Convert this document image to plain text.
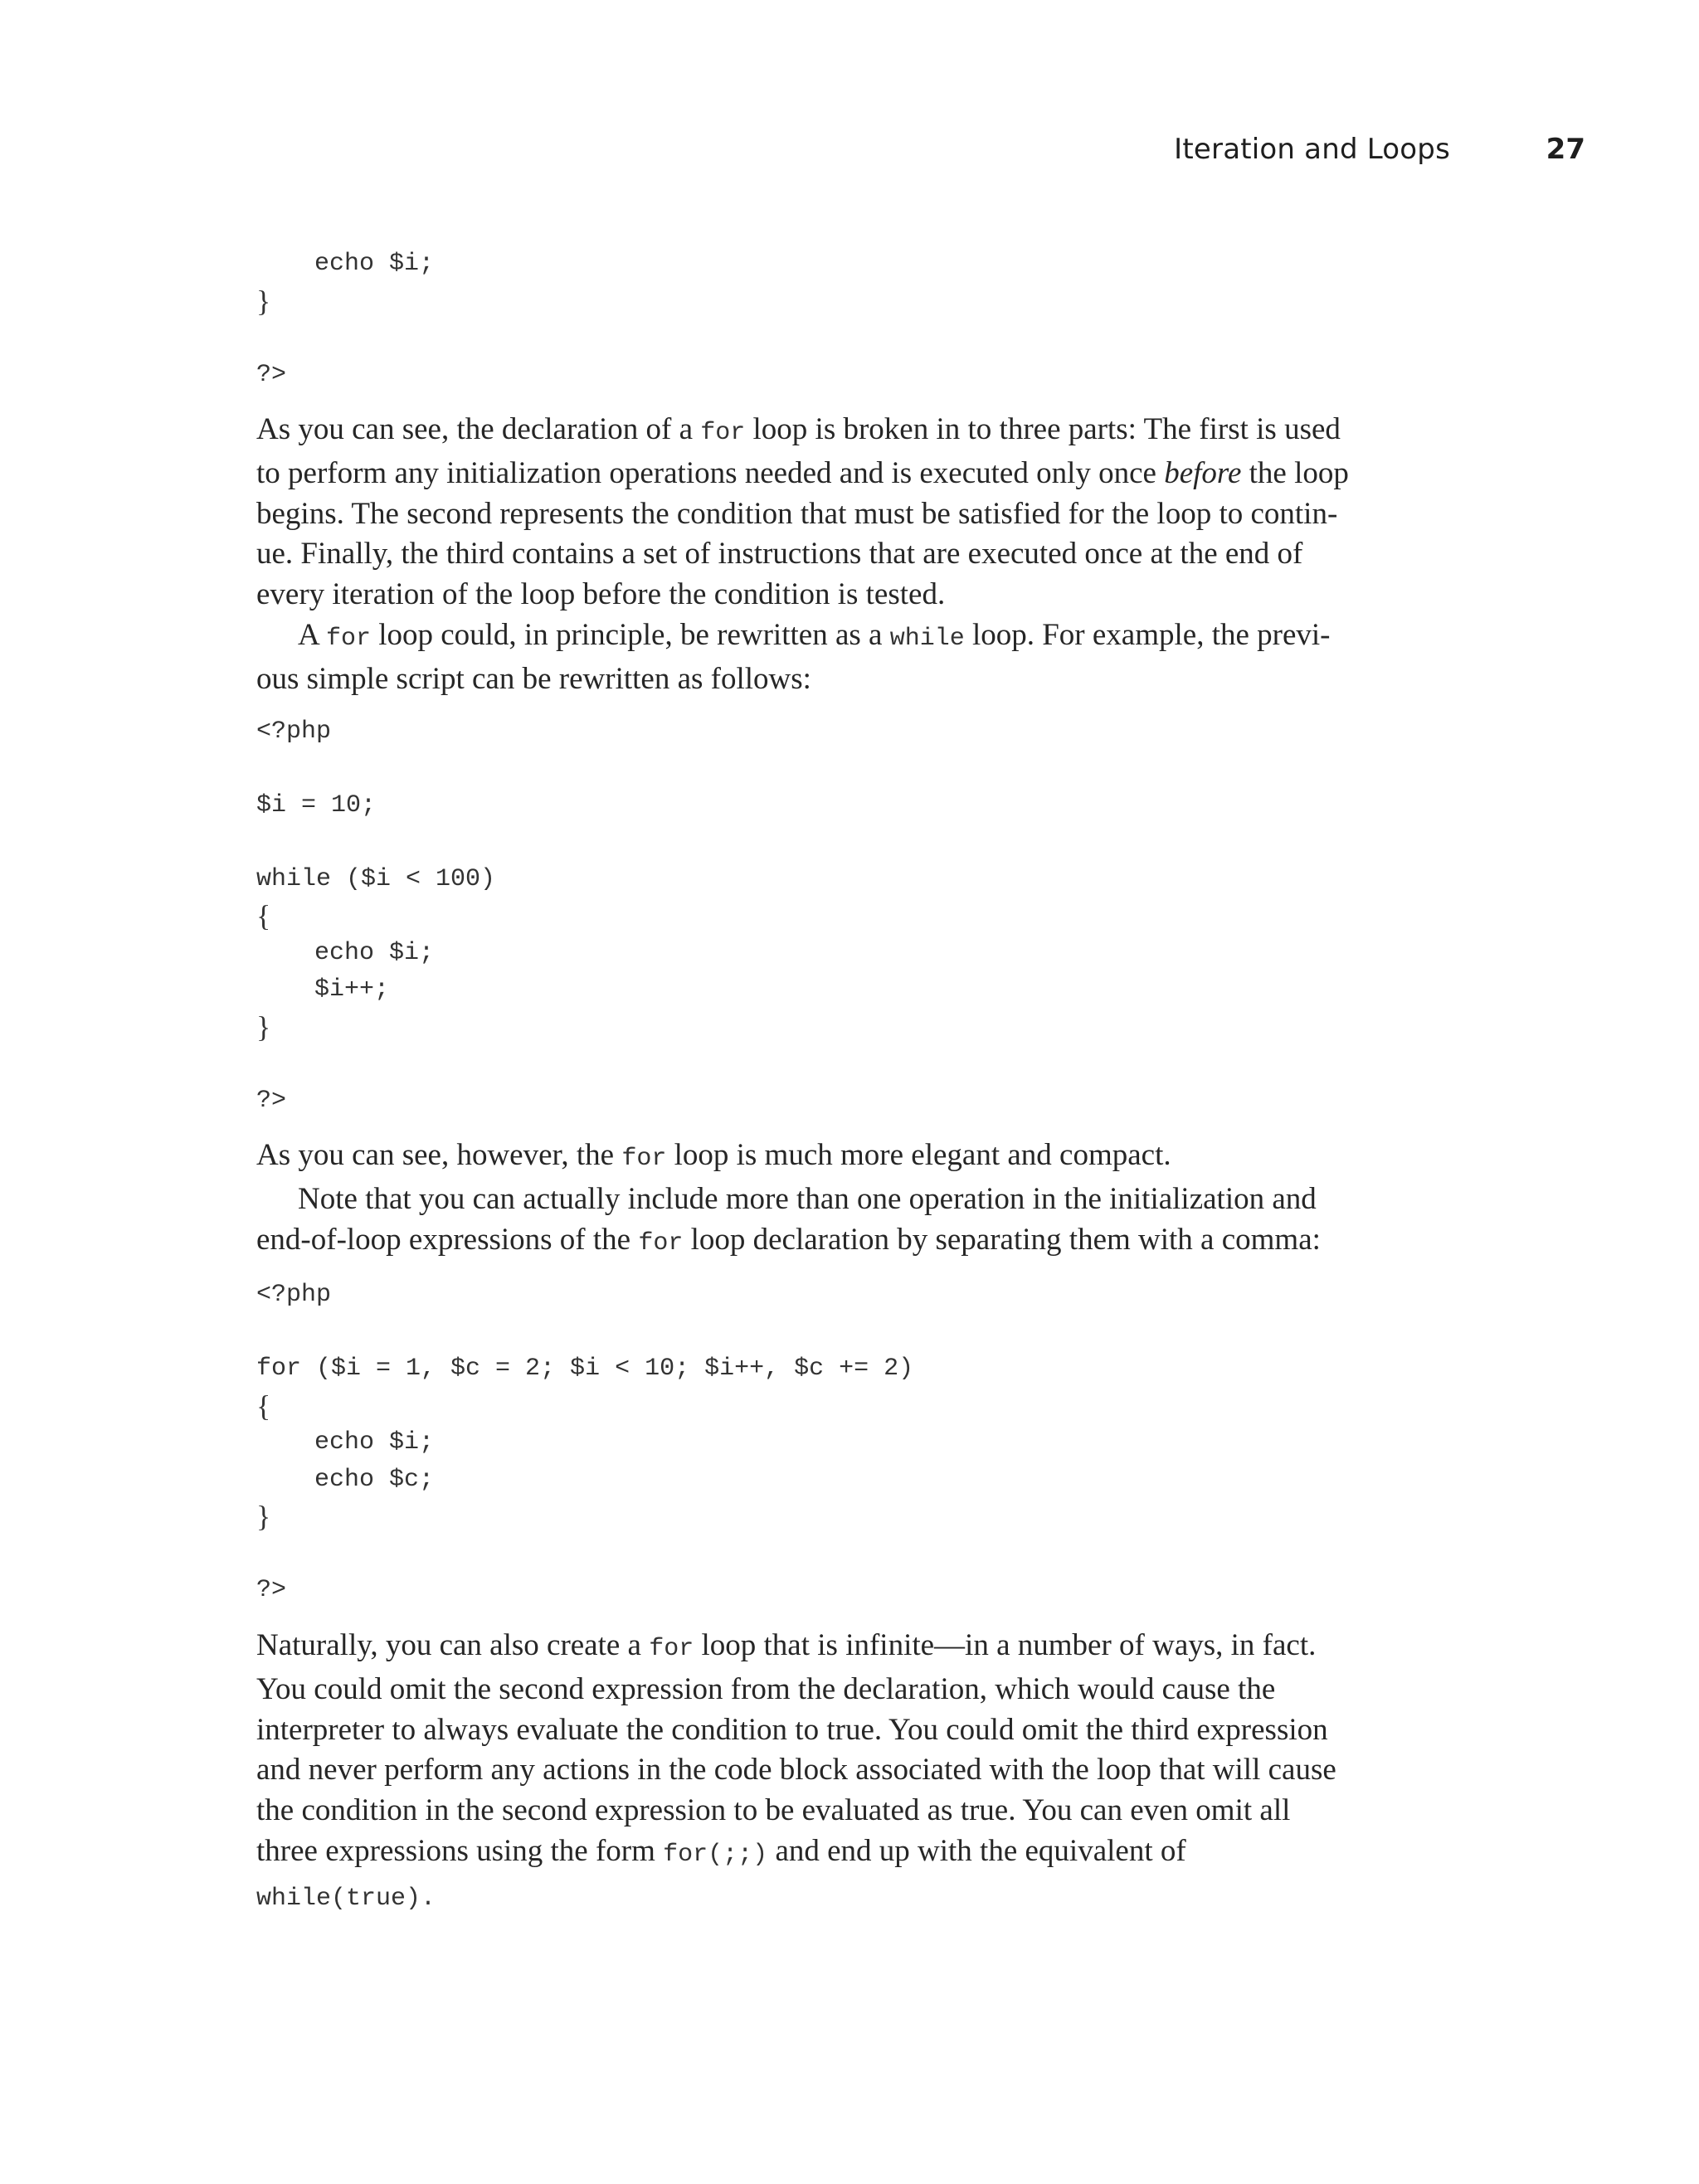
Iteration and Loops	27
echo $i;
}
?>

As you can see, the declaration of a for loop is broken in to three parts: The first is used
to perform any initialization operations needed and is executed only once before the loop
begins. The second represents the condition that must be satisfied for the loop to contin-
ue. Finally, the third contains a set of instructions that are executed once at the end of
every iteration of the loop before the condition is tested.

A for loop could, in principle, be rewritten as a while loop. For example, the previ-

ous simple script can be rewritten as follows:

<?php
$i = 10;
while ($i < 100)
{
echo $i;
$i++;
}
?>

As you can see, however, the for loop is much more elegant and compact.

Note that you can actually include more than one operation in the initialization and

end-of-loop expressions of the for loop declaration by separating them with a comma:

<?php
for ($i = 1, $c = 2; $i < 10; $i++, $c += 2)
{
echo $i;
echo $c;
}
?>

Naturally, you can also create a for loop that is infinite—in a number of ways, in fact.
You could omit the second expression from the declaration, which would cause the
interpreter to always evaluate the condition to true. You could omit the third expression
and never perform any actions in the code block associated with the loop that will cause
the condition in the second expression to be evaluated as true. You can even omit all
three expressions using the form for(;;) and end up with the equivalent of
while(true).
